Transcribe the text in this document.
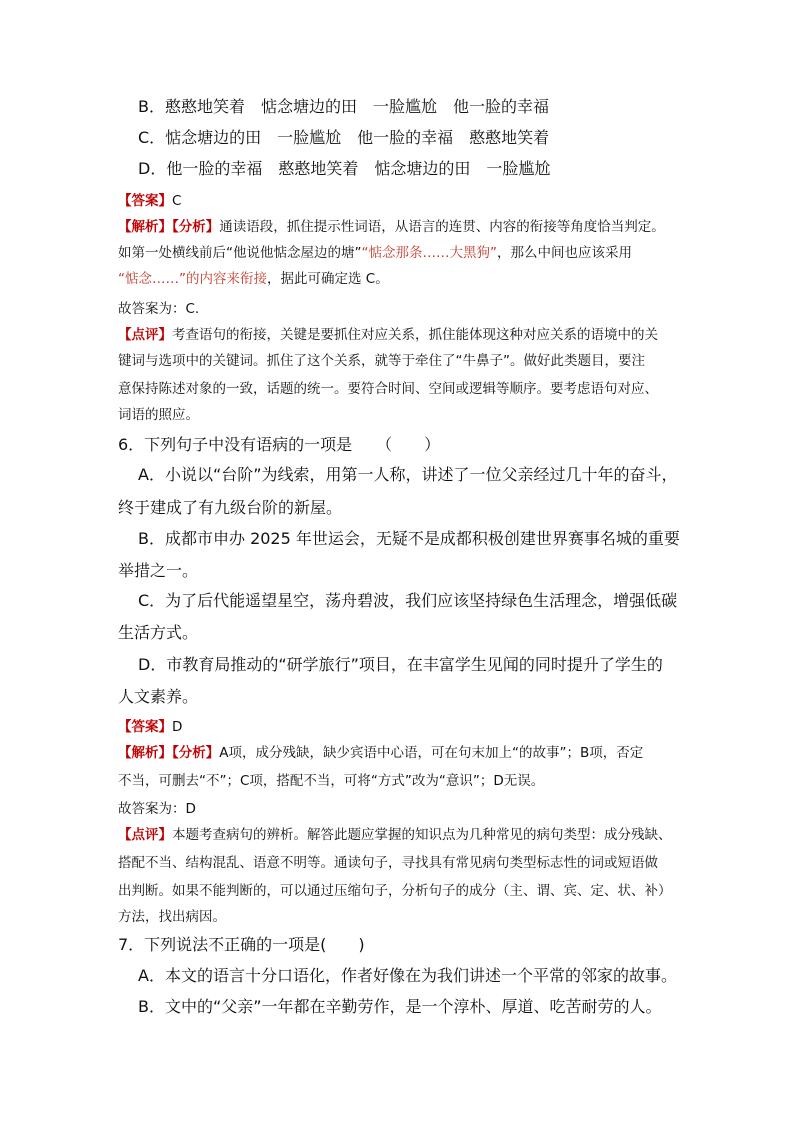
B．憨憨地笑着　惦念塘边的田　一脸尴尬　他一脸的幸福
C．惦念塘边的田　一脸尴尬　他一脸的幸福　憨憨地笑着
D．他一脸的幸福　憨憨地笑着　惦念塘边的田　一脸尴尬
【答案】C
【解析】【分析】通读语段，抓住提示性词语，从语言的连贯、内容的衔接等角度恰当判定。
如第一处横线前后“他说他惦念屋边的塘”“惦念那条……大黑狗”，那么中间也应该采用
“惦念……”的内容来衔接，据此可确定选 C。
故答案为：C.
【点评】考查语句的衔接，关键是要抓住对应关系，抓住能体现这种对应关系的语境中的关
键词与选项中的关键词。抓住了这个关系，就等于牵住了“牛鼻子”。做好此类题目，要注
意保持陈述对象的一致，话题的统一。要符合时间、空间或逻辑等顺序。要考虑语句对应、
词语的照应。
6．下列句子中没有语病的一项是　　（　　）
A．小说以“台阶”为线索，用第一人称，讲述了一位父亲经过几十年的奋斗，
终于建成了有九级台阶的新屋。
B．成都市申办 2025 年世运会，无疑不是成都积极创建世界赛事名城的重要
举措之一。
C．为了后代能遥望星空，荡舟碧波，我们应该坚持绿色生活理念，增强低碳
生活方式。
D．市教育局推动的“研学旅行”项目，在丰富学生见闻的同时提升了学生的
人文素养。
【答案】D
【解析】【分析】A项，成分残缺，缺少宾语中心语，可在句末加上“的故事”；B项，否定
不当，可删去“不”；C项，搭配不当，可将“方式”改为“意识”；D无误。
故答案为：D
【点评】本题考查病句的辨析。解答此题应掌握的知识点为几种常见的病句类型：成分残缺、
搭配不当、结构混乱、语意不明等。通读句子，寻找具有常见病句类型标志性的词或短语做
出判断。如果不能判断的，可以通过压缩句子，分析句子的成分（主、谓、宾、定、状、补）
方法，找出病因。
7．下列说法不正确的一项是(　　)
A．本文的语言十分口语化，作者好像在为我们讲述一个平常的邻家的故事。
B．文中的“父亲”一年都在辛勤劳作，是一个淳朴、厚道、吃苦耐劳的人。
